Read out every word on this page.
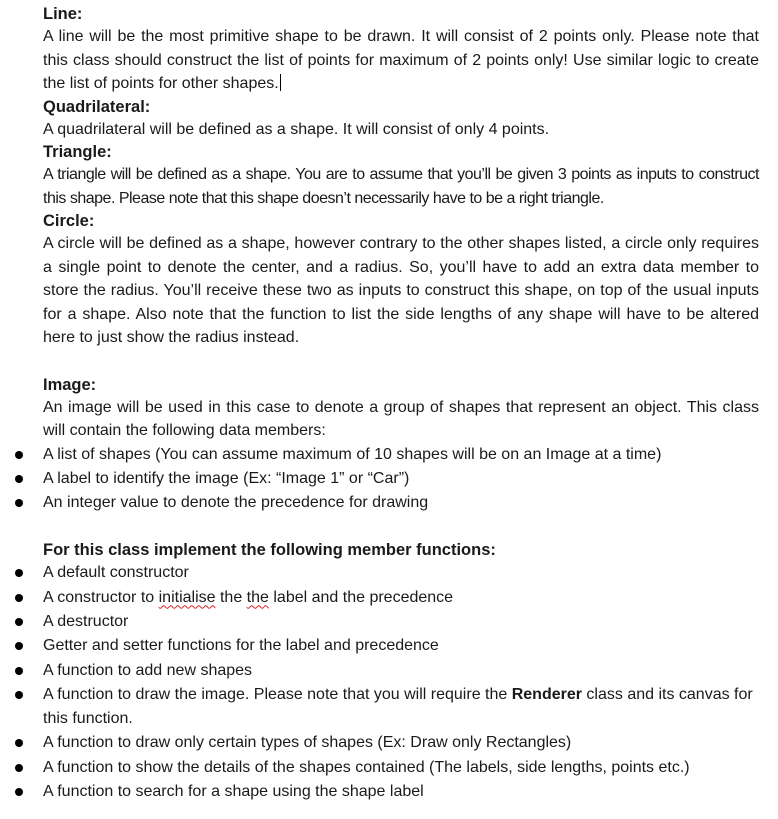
Line:

A line will be the most primitive shape to be drawn. It will consist of 2 points only. Please note that this class should construct the list of points for maximum of 2 points only! Use similar logic to create the list of points for other shapes.

Quadrilateral:

A quadrilateral will be defined as a shape. It will consist of only 4 points.

Triangle:

A triangle will be defined as a shape. You are to assume that you’ll be given 3 points as inputs to construct this shape. Please note that this shape doesn’t necessarily have to be a right triangle.

Circle:

A circle will be defined as a shape, however contrary to the other shapes listed, a circle only requires a single point to denote the center, and a radius. So, you’ll have to add an extra data member to store the radius. You’ll receive these two as inputs to construct this shape, on top of the usual inputs for a shape. Also note that the function to list the side lengths of any shape will have to be altered here to just show the radius instead.

Image:

An image will be used in this case to denote a group of shapes that represent an object. This class will contain the following data members:

A list of shapes (You can assume maximum of 10 shapes will be on an Image at a time)
A label to identify the image (Ex: “Image 1” or “Car”)
An integer value to denote the precedence for drawing
For this class implement the following member functions:
A default constructor
A constructor to initialise the the label and the precedence
A destructor
Getter and setter functions for the label and precedence
A function to add new shapes
A function to draw the image. Please note that you will require the Renderer class and its canvas for this function.
A function to draw only certain types of shapes (Ex: Draw only Rectangles)
A function to show the details of the shapes contained (The labels, side lengths, points etc.)
A function to search for a shape using the shape label
